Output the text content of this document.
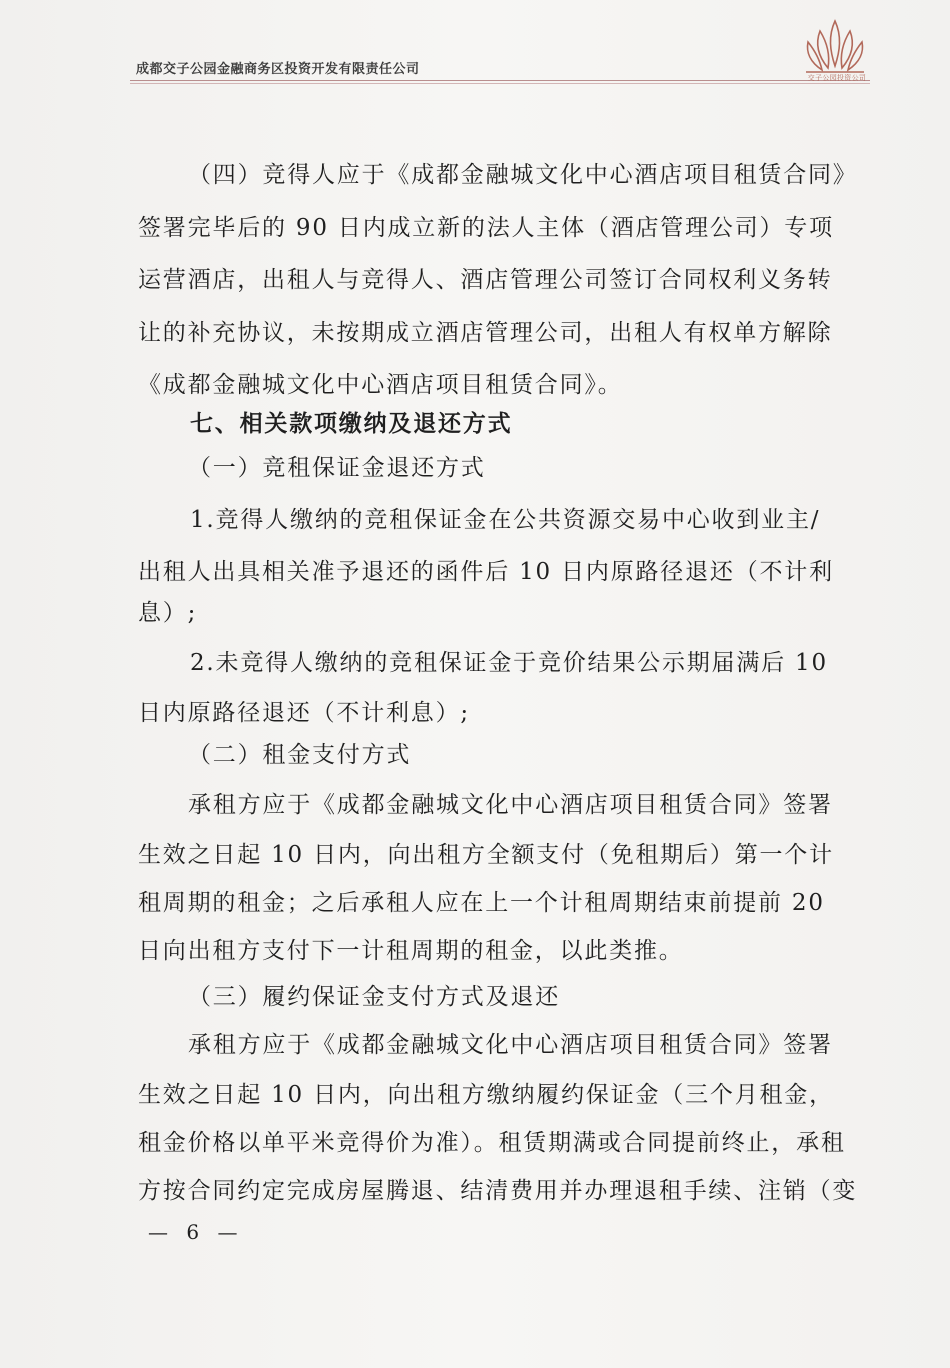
成都交子公园金融商务区投资开发有限责任公司
交子公园投资公司
（四）竞得人应于《成都金融城文化中心酒店项目租赁合同》
签署完毕后的 90 日内成立新的法人主体（酒店管理公司）专项
运营酒店，出租人与竞得人、酒店管理公司签订合同权利义务转
让的补充协议，未按期成立酒店管理公司，出租人有权单方解除
《成都金融城文化中心酒店项目租赁合同》。
七、相关款项缴纳及退还方式
（一）竞租保证金退还方式
1.竞得人缴纳的竞租保证金在公共资源交易中心收到业主/
出租人出具相关准予退还的函件后 10 日内原路径退还（不计利
息）;
2.未竞得人缴纳的竞租保证金于竞价结果公示期届满后 10
日内原路径退还（不计利息）;
（二）租金支付方式
承租方应于《成都金融城文化中心酒店项目租赁合同》签署
生效之日起 10 日内，向出租方全额支付（免租期后）第一个计
租周期的租金；之后承租人应在上一个计租周期结束前提前 20
日向出租方支付下一计租周期的租金，以此类推。
（三）履约保证金支付方式及退还
承租方应于《成都金融城文化中心酒店项目租赁合同》签署
生效之日起 10 日内，向出租方缴纳履约保证金（三个月租金，
租金价格以单平米竞得价为准）。租赁期满或合同提前终止，承租
方按合同约定完成房屋腾退、结清费用并办理退租手续、注销（变
— 6 —
